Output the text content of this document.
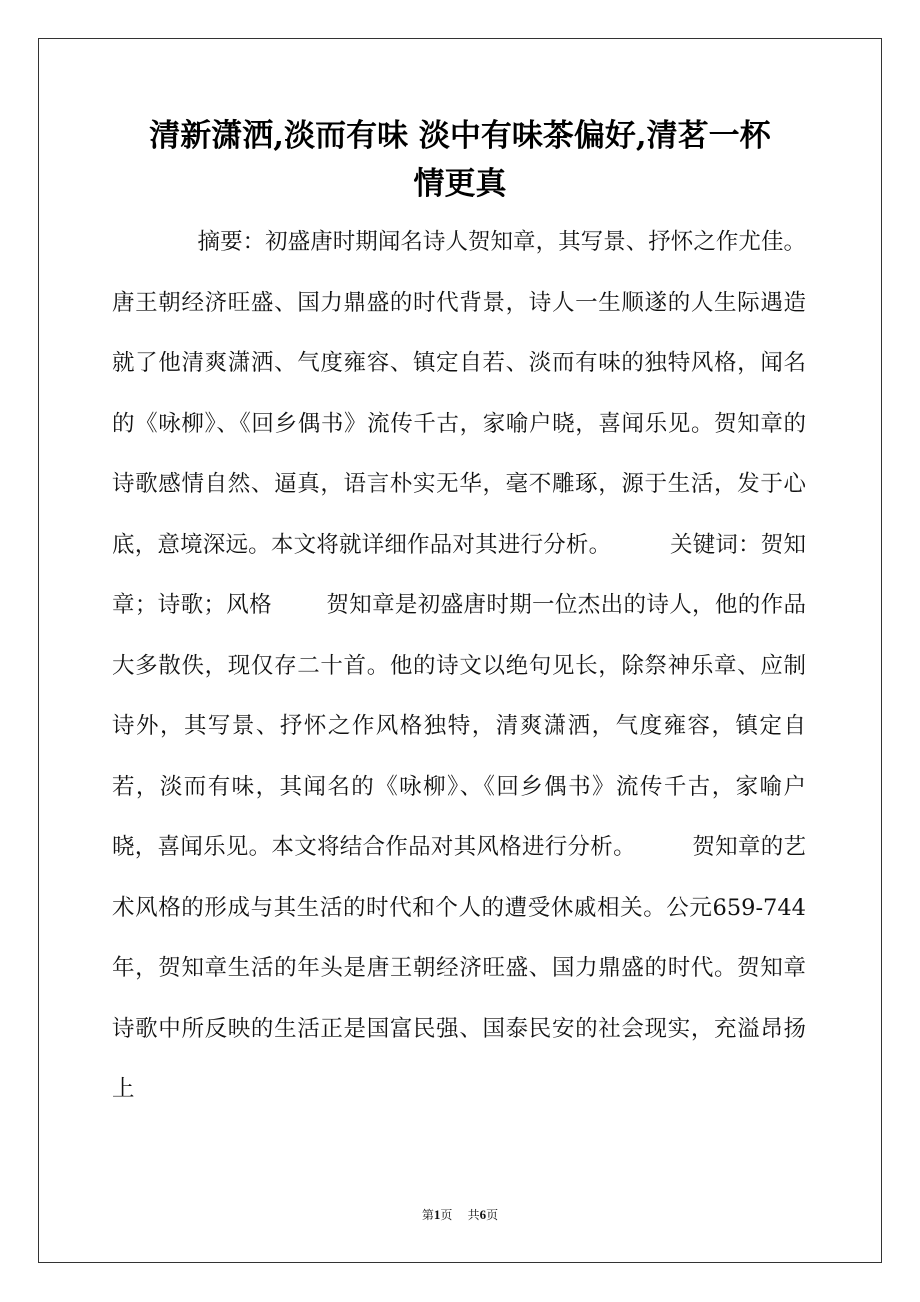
清新潇洒,淡而有味 淡中有味茶偏好,清茗一杯
情更真

摘要：初盛唐时期闻名诗人贺知章，其写景、抒怀之作尤佳。唐王朝经济旺盛、国力鼎盛的时代背景，诗人一生顺遂的人生际遇造就了他清爽潇洒、气度雍容、镇定自若、淡而有味的独特风格，闻名的《咏柳》、《回乡偶书》流传千古，家喻户晓，喜闻乐见。贺知章的诗歌感情自然、逼真，语言朴实无华，毫不雕琢，源于生活，发于心底，意境深远。本文将就详细作品对其进行分析。	关键词：贺知章；诗歌；风格 贺知章是初盛唐时期一位杰出的诗人，他的作品大多散佚，现仅存二十首。他的诗文以绝句见长，除祭神乐章、应制诗外，其写景、抒怀之作风格独特，清爽潇洒，气度雍容，镇定自若，淡而有味，其闻名的《咏柳》、《回乡偶书》流传千古，家喻户晓，喜闻乐见。本文将结合作品对其风格进行分析。	贺知章的艺术风格的形成与其生活的时代和个人的遭受休戚相关。公元659-744年，贺知章生活的年头是唐王朝经济旺盛、国力鼎盛的时代。贺知章诗歌中所反映的生活正是国富民强、国泰民安的社会现实，充溢昂扬上

第1页 共6页
